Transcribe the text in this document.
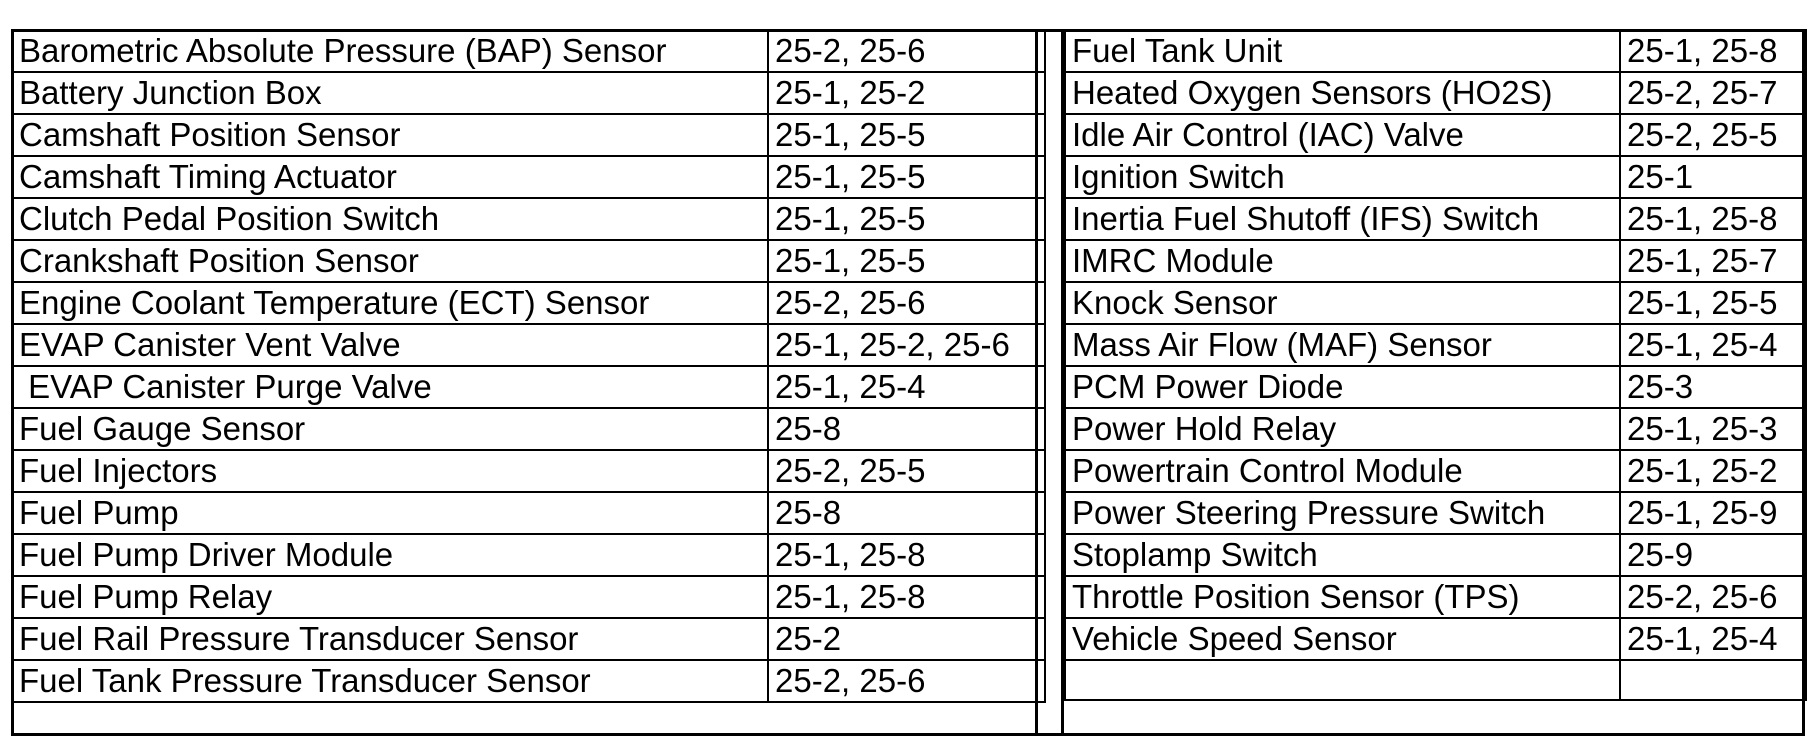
Barometric Absolute Pressure (BAP) Sensor	25-2, 25-6
Battery Junction Box	25-1, 25-2
Camshaft Position Sensor	25-1, 25-5
Camshaft Timing Actuator	25-1, 25-5
Clutch Pedal Position Switch	25-1, 25-5
Crankshaft Position Sensor	25-1, 25-5
Engine Coolant Temperature (ECT) Sensor	25-2, 25-6
EVAP Canister Vent Valve	25-1, 25-2, 25-6
EVAP Canister Purge Valve	25-1, 25-4
Fuel Gauge Sensor	25-8
Fuel Injectors	25-2, 25-5
Fuel Pump	25-8
Fuel Pump Driver Module	25-1, 25-8
Fuel Pump Relay	25-1, 25-8
Fuel Rail Pressure Transducer Sensor	25-2
Fuel Tank Pressure Transducer Sensor	25-2, 25-6
Fuel Tank Unit	25-1, 25-8
Heated Oxygen Sensors (HO2S)	25-2, 25-7
Idle Air Control (IAC) Valve	25-2, 25-5
Ignition Switch	25-1
Inertia Fuel Shutoff (IFS) Switch	25-1, 25-8
IMRC Module	25-1, 25-7
Knock Sensor	25-1, 25-5
Mass Air Flow (MAF) Sensor	25-1, 25-4
PCM Power Diode	25-3
Power Hold Relay	25-1, 25-3
Powertrain Control Module	25-1, 25-2
Power Steering Pressure Switch	25-1, 25-9
Stoplamp Switch	25-9
Throttle Position Sensor (TPS)	25-2, 25-6
Vehicle Speed Sensor	25-1, 25-4
